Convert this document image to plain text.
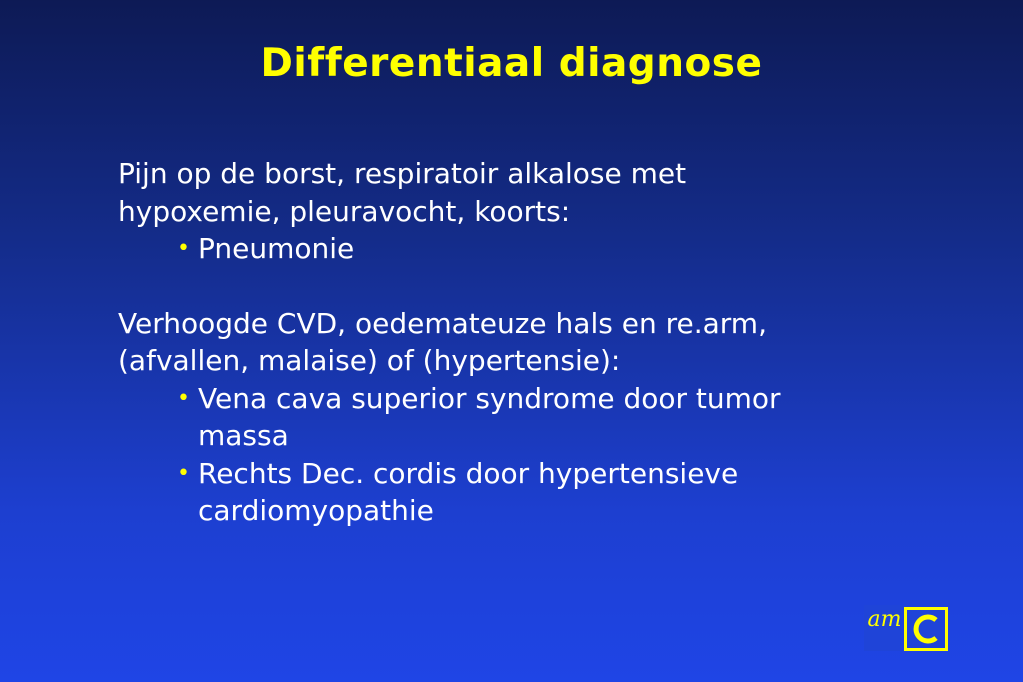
Differentiaal diagnose

Pijn op de borst, respiratoir alkalose met
hypoxemie, pleuravocht, koorts:

• Pneumonie

Verhoogde CVD, oedemateuze hals en re.arm,
(afvallen, malaise) of (hypertensie):

• Vena cava superior syndrome door tumor
massa
• Rechts Dec. cordis door hypertensieve
cardiomyopathie
am
